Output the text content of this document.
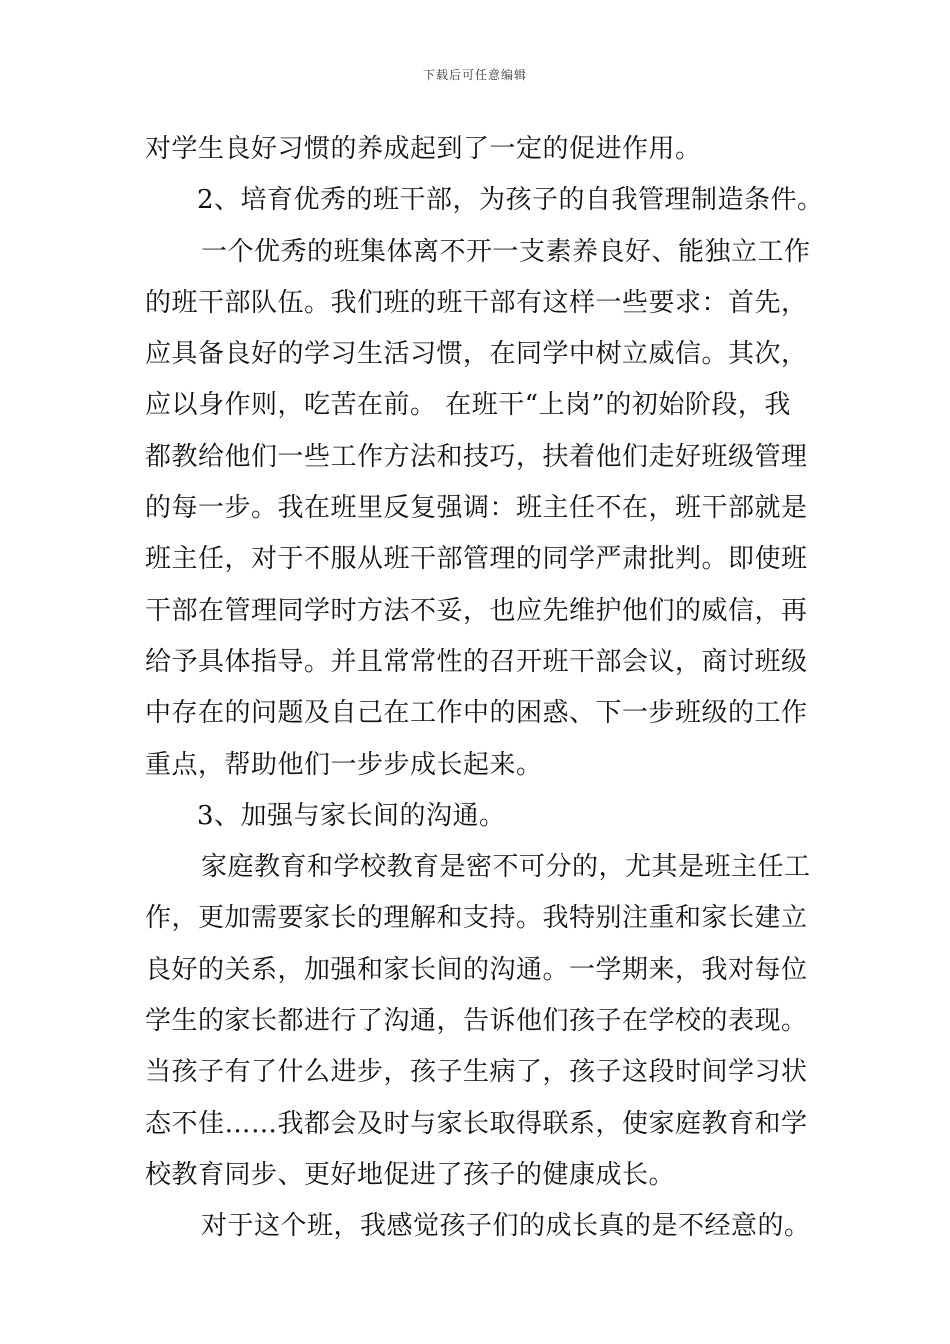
下载后可任意编辑
对学生良好习惯的养成起到了一定的促进作用。
2、培育优秀的班干部，为孩子的自我管理制造条件。
一个优秀的班集体离不开一支素养良好、能独立工作
的班干部队伍。我们班的班干部有这样一些要求：首先，
应具备良好的学习生活习惯，在同学中树立威信。其次，
应以身作则，吃苦在前。 在班干“上岗”的初始阶段，我
都教给他们一些工作方法和技巧，扶着他们走好班级管理
的每一步。我在班里反复强调：班主任不在，班干部就是
班主任，对于不服从班干部管理的同学严肃批判。即使班
干部在管理同学时方法不妥，也应先维护他们的威信，再
给予具体指导。并且常常性的召开班干部会议，商讨班级
中存在的问题及自己在工作中的困惑、下一步班级的工作
重点，帮助他们一步步成长起来。
3、加强与家长间的沟通。
家庭教育和学校教育是密不可分的，尤其是班主任工
作，更加需要家长的理解和支持。我特别注重和家长建立
良好的关系，加强和家长间的沟通。一学期来，我对每位
学生的家长都进行了沟通，告诉他们孩子在学校的表现。
当孩子有了什么进步，孩子生病了，孩子这段时间学习状
态不佳……我都会及时与家长取得联系，使家庭教育和学
校教育同步、更好地促进了孩子的健康成长。
对于这个班，我感觉孩子们的成长真的是不经意的。
